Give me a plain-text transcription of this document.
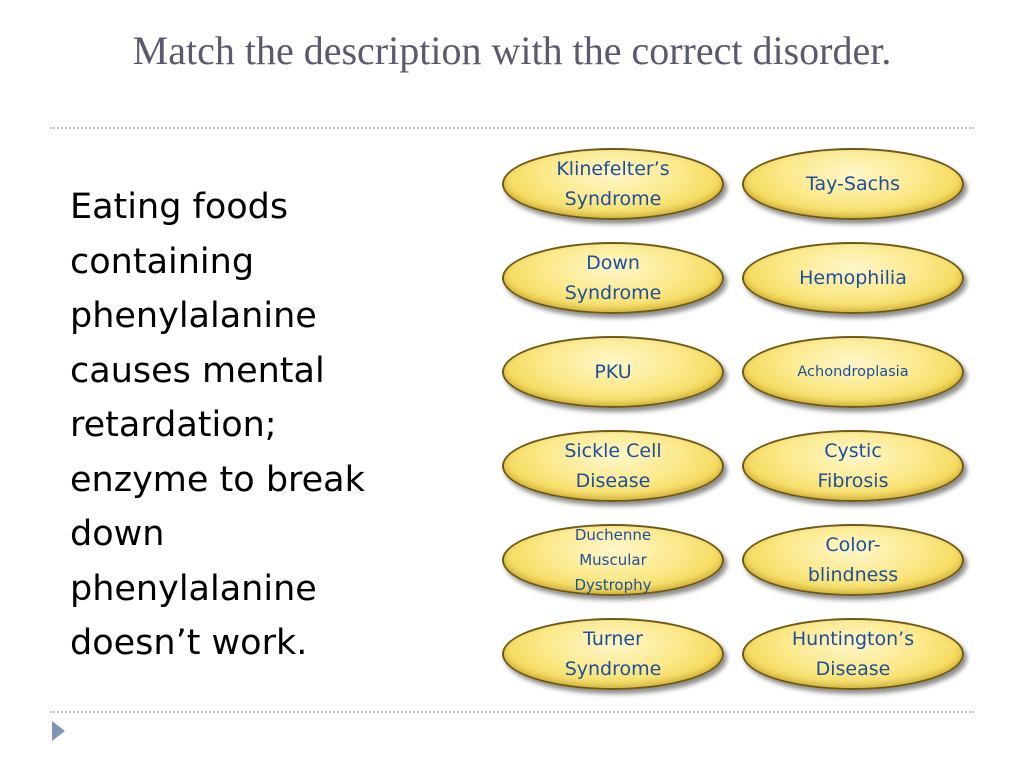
Match the description with the correct disorder.
Eating foods
containing
phenylalanine
causes mental
retardation;
enzyme to break
down
phenylalanine
doesn’t work.
Klinefelter’s
Syndrome
Tay-Sachs
Down
Syndrome
Hemophilia
PKU	Achondroplasia
Sickle Cell
Disease
Cystic
Fibrosis
Duchenne
Muscular
Dystrophy
Color-
blindness
Turner
Syndrome
Huntington’s
Disease
